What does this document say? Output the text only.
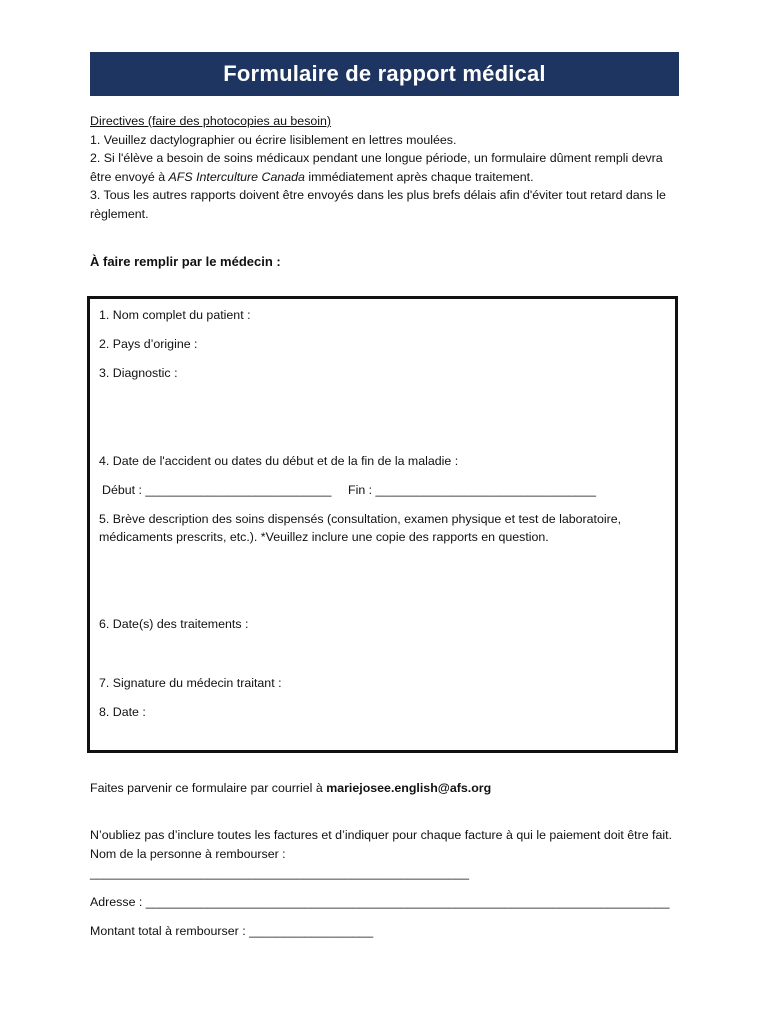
Formulaire de rapport médical

Directives (faire des photocopies au besoin)

1. Veuillez dactylographier ou écrire lisiblement en lettres moulées.

2. Si l'élève a besoin de soins médicaux pendant une longue période, un formulaire dûment rempli devra être envoyé à AFS Interculture Canada immédiatement après chaque traitement.

3. Tous les autres rapports doivent être envoyés dans les plus brefs délais afin d'éviter tout retard dans le règlement.

À faire remplir par le médecin :
1. Nom complet du patient :
2. Pays d’origine :
3. Diagnostic :
4. Date de l'accident ou dates du début et de la fin de la maladie :
Début : ___________________________ Fin : ________________________________
5. Brève description des soins dispensés (consultation, examen physique et test de laboratoire, médicaments prescrits, etc.). *Veuillez inclure une copie des rapports en question.
6. Date(s) des traitements :
7. Signature du médecin traitant :
8. Date :
Faites parvenir ce formulaire par courriel à mariejosee.english@afs.org
N’oubliez pas d’inclure toutes les factures et d’indiquer pour chaque facture à qui le paiement doit être fait. Nom de la personne à rembourser :
_______________________________________________________
Adresse : ____________________________________________________________________________
Montant total à rembourser : __________________
